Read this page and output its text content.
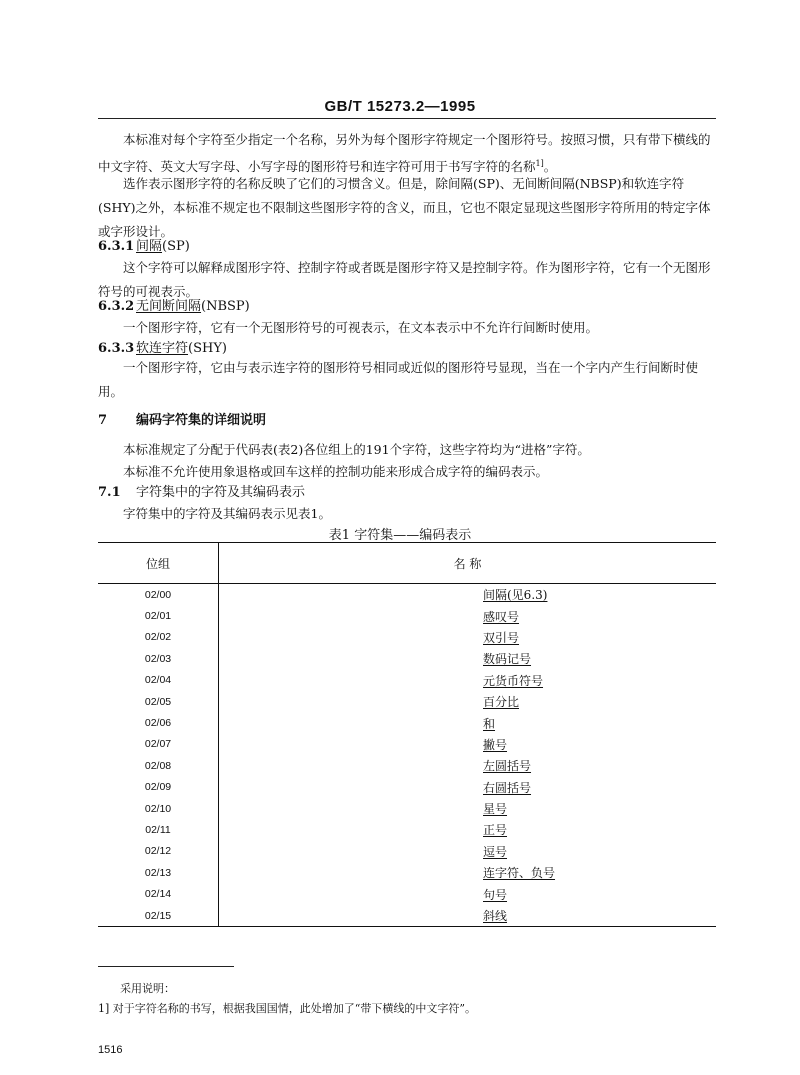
GB/T 15273.2—1995
本标准对每个字符至少指定一个名称，另外为每个图形字符规定一个图形符号。按照习惯，只有带下横线的中文字符、英文大写字母、小写字母的图形符号和连字符可用于书写字符的名称$^{1]}$。
选作表示图形字符的名称反映了它们的习惯含义。但是，除间隔(SP)、无间断间隔(NBSP)和软连字符(SHY)之外，本标准不规定也不限制这些图形字符的含义，而且，它也不限定显现这些图形字符所用的特定字体或字形设计。
6.3.1 间隔(SP)
这个字符可以解释成图形字符、控制字符或者既是图形字符又是控制字符。作为图形字符，它有一个无图形符号的可视表示。
6.3.2 无间断间隔(NBSP)
一个图形字符，它有一个无图形符号的可视表示，在文本表示中不允许行间断时使用。
6.3.3 软连字符(SHY)
一个图形字符，它由与表示连字符的图形符号相同或近似的图形符号显现，当在一个字内产生行间断时使用。
7 编码字符集的详细说明
本标准规定了分配于代码表(表2)各位组上的191个字符，这些字符均为“进格”字符。
本标准不允许使用象退格或回车这样的控制功能来形成合成字符的编码表示。
7.1 字符集中的字符及其编码表示
字符集中的字符及其编码表示见表1。
表1 字符集——编码表示
位组	名 称
02/00	间隔(见6.3)
02/01	感叹号
02/02	双引号
02/03	数码记号
02/04	元货币符号
02/05	百分比
02/06	和
02/07	撇号
02/08	左圆括号
02/09	右圆括号
02/10	星号
02/11	正号
02/12	逗号
02/13	连字符、负号
02/14	句号
02/15	斜线
采用说明：
1] 对于字符名称的书写，根据我国国情，此处增加了“带下横线的中文字符”。
1516
